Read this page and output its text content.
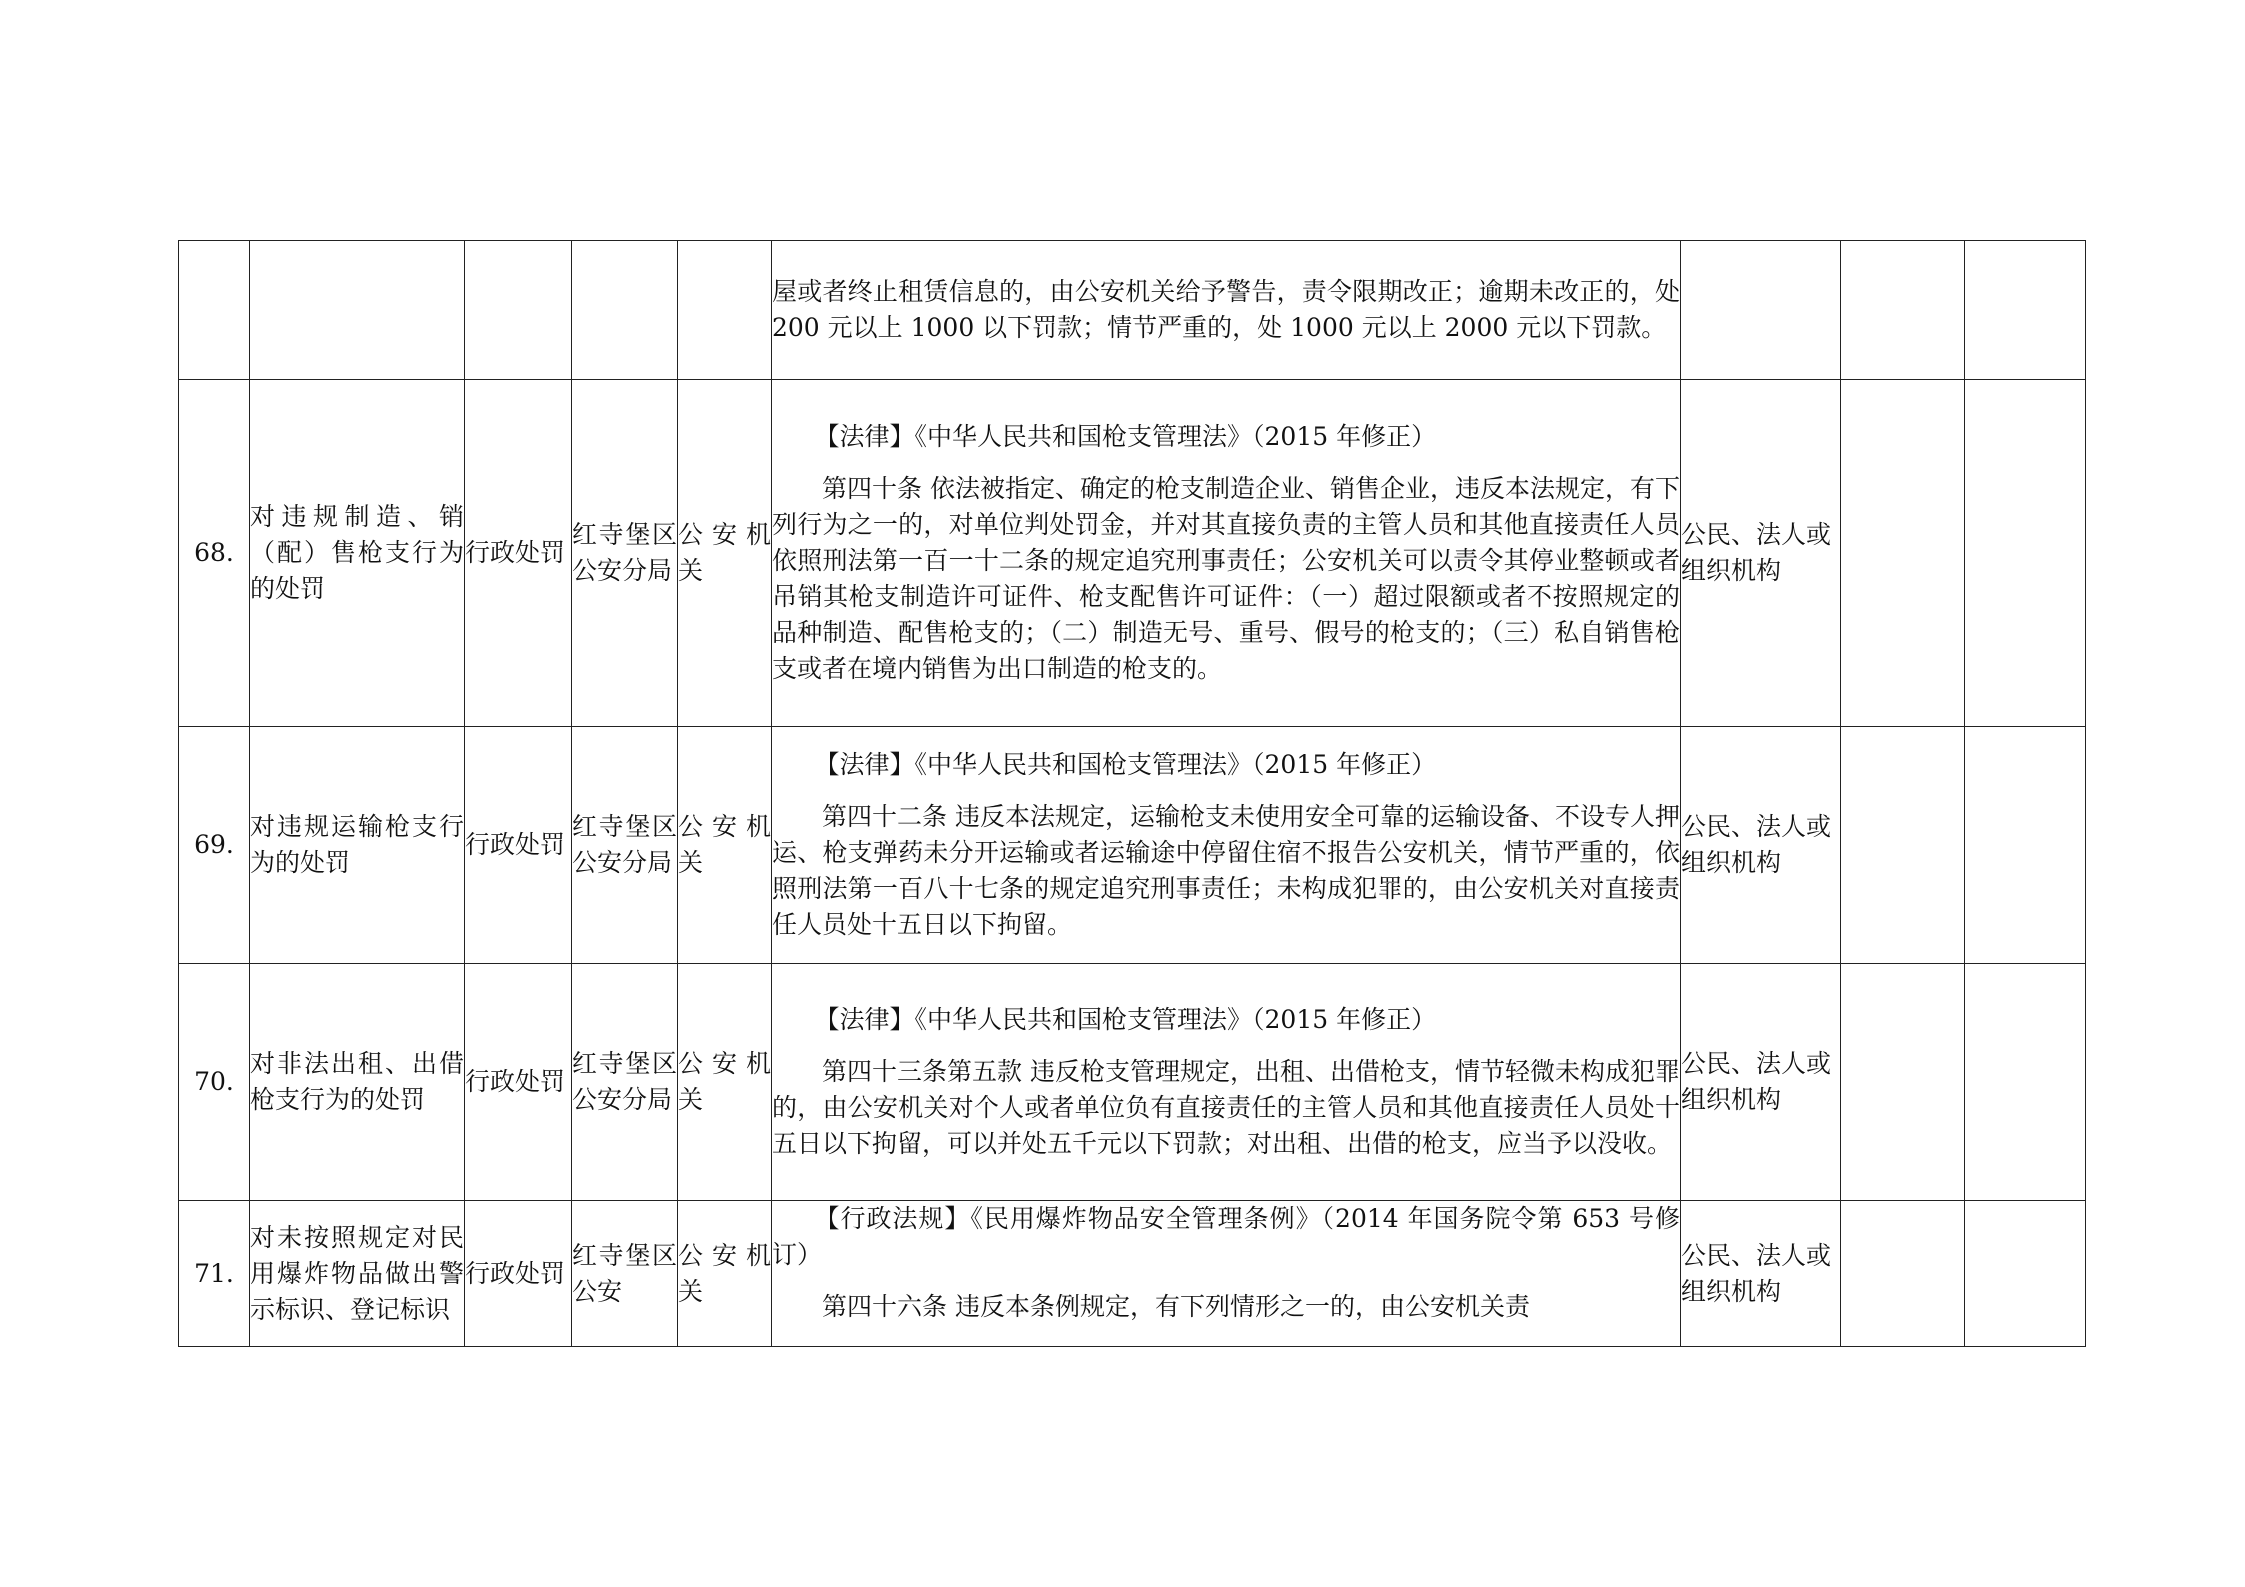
					屋或者终止租赁信息的，由公安机关给予警告，责令限期改正；逾期未改正的，处 200 元以上 1000 以下罚款；情节严重的，处 1000 元以上 2000 元以下罚款。			

68.	对违规制造、销（配）售枪支行为的处罚	行政处罚	红寺堡区公安分局	公安机关	【法律】《中华人民共和国枪支管理法》（2015 年修正）

第四十条 依法被指定、确定的枪支制造企业、销售企业，违反本法规定，有下列行为之一的，对单位判处罚金，并对其直接负责的主管人员和其他直接责任人员依照刑法第一百一十二条的规定追究刑事责任；公安机关可以责令其停业整顿或者吊销其枪支制造许可证件、枪支配售许可证件：（一）超过限额或者不按照规定的品种制造、配售枪支的；（二）制造无号、重号、假号的枪支的；（三）私自销售枪支或者在境内销售为出口制造的枪支的。	公民、法人或组织机构		
69.	对违规运输枪支行为的处罚	行政处罚	红寺堡区公安分局	公安机关	【法律】《中华人民共和国枪支管理法》（2015 年修正）

第四十二条 违反本法规定，运输枪支未使用安全可靠的运输设备、不设专人押运、枪支弹药未分开运输或者运输途中停留住宿不报告公安机关，情节严重的，依照刑法第一百八十七条的规定追究刑事责任；未构成犯罪的，由公安机关对直接责任人员处十五日以下拘留。	公民、法人或组织机构		
70.	对非法出租、出借枪支行为的处罚	行政处罚	红寺堡区公安分局	公安机关	【法律】《中华人民共和国枪支管理法》（2015 年修正）

第四十三条第五款 违反枪支管理规定，出租、出借枪支，情节轻微未构成犯罪的，由公安机关对个人或者单位负有直接责任的主管人员和其他直接责任人员处十五日以下拘留，可以并处五千元以下罚款；对出租、出借的枪支，应当予以没收。	公民、法人或组织机构		
71.	对未按照规定对民用爆炸物品做出警示标识、登记标识	行政处罚	红寺堡区公安	公安机关	【行政法规】《民用爆炸物品安全管理条例》（2014 年国务院令第 653 号修订）

第四十六条 违反本条例规定，有下列情形之一的，由公安机关责	公民、法人或组织机构		
